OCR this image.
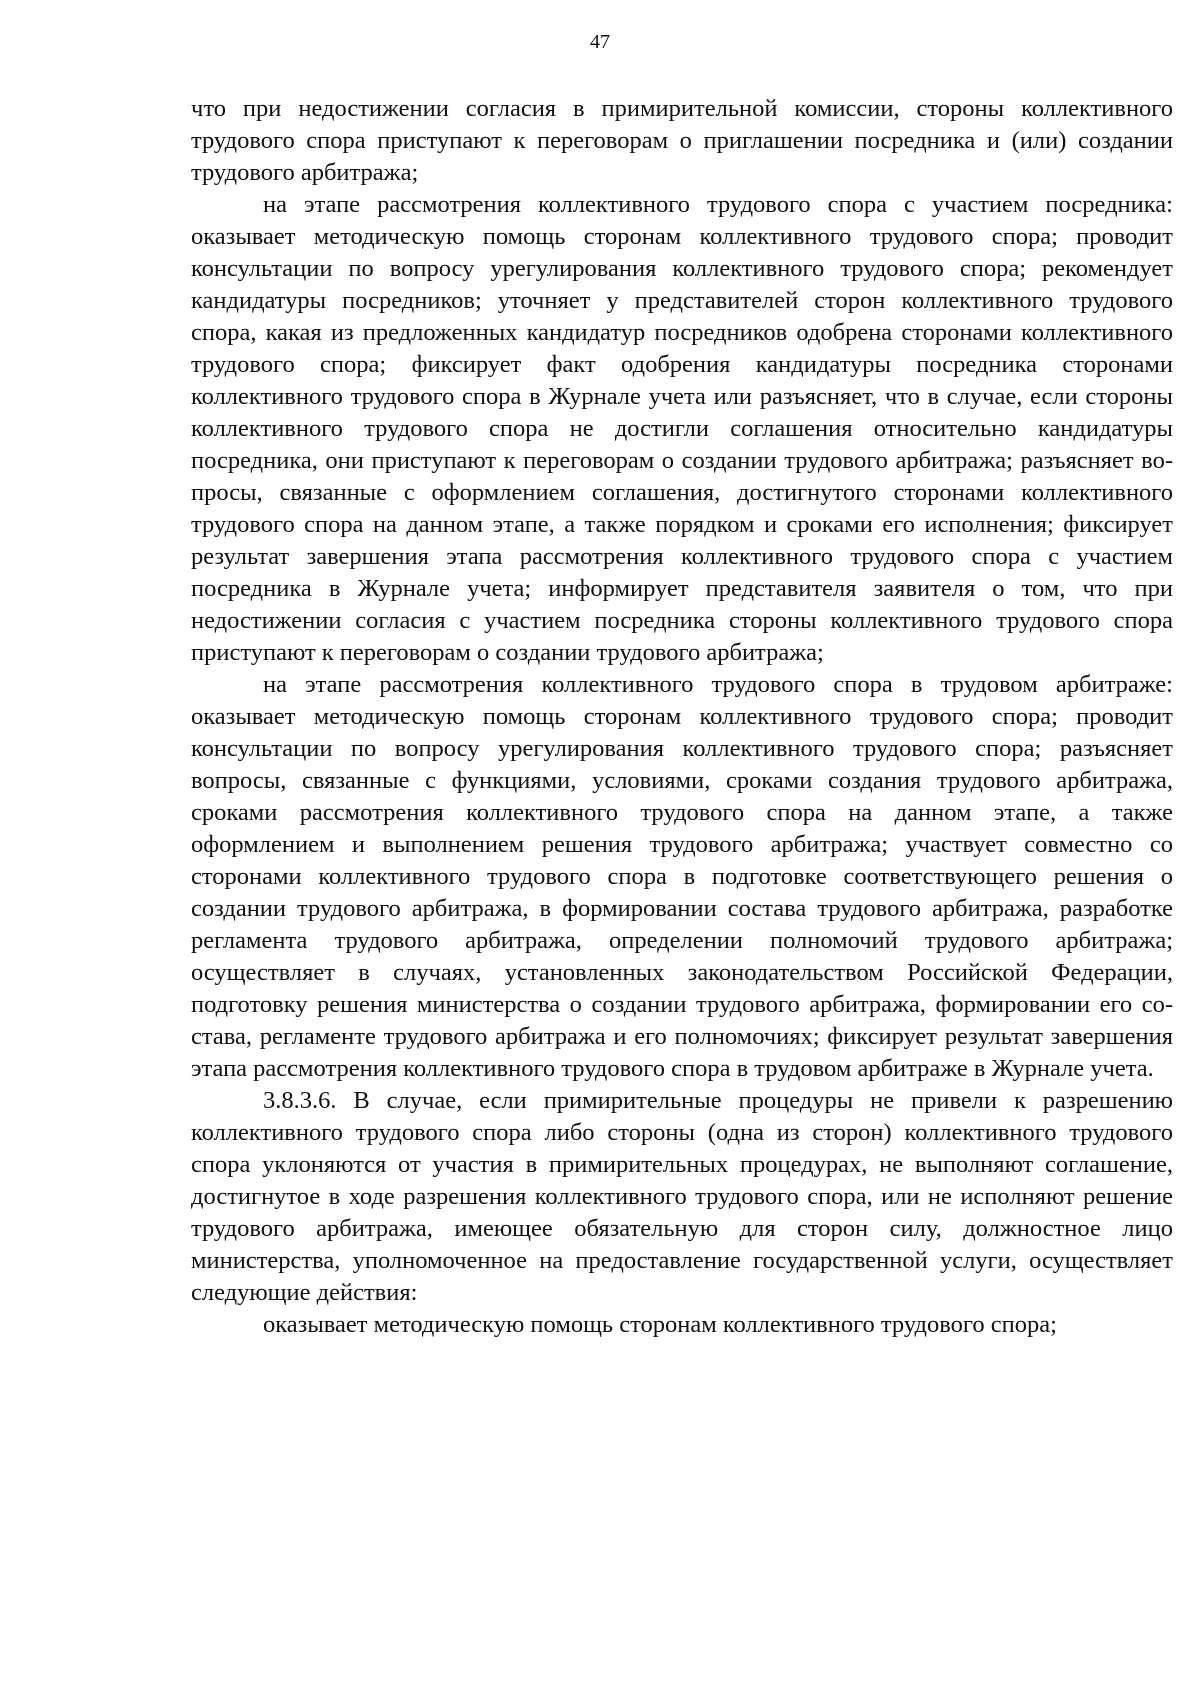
47

что при недостижении согласия в примирительной комиссии, стороны коллективного трудового спора приступают к переговорам о приглашении посредника и (или) создании трудового арбитража;

на этапе рассмотрения коллективного трудового спора с участием посредника: оказывает методическую помощь сторонам коллективного трудового спора; проводит консультации по вопросу урегулирования коллективного трудового спора; рекомендует кандидатуры посредников; уточняет у представителей сторон коллективного трудового спора, какая из предложенных кандидатур посредников одобрена сторонами коллективного трудового спора; фиксирует факт одобрения кандидатуры посредника сторонами коллективного трудового спора в Журнале учета или разъясняет, что в случае, если стороны коллективного трудового спора не достигли соглашения относительно кандидатуры посредника, они приступают к переговорам о создании трудового арбитража; разъясняет вопросы, связанные с оформлением соглашения, достигнутого сторонами коллективного трудового спора на данном этапе, а также порядком и сроками его исполнения; фиксирует результат завершения этапа рассмотрения коллективного трудового спора с участием посредника в Журнале учета; информирует представителя заявителя о том, что при недостижении согласия с участием посредника стороны коллективного трудового спора приступают к переговорам о создании трудового арбитража;

на этапе рассмотрения коллективного трудового спора в трудовом арбитраже: оказывает методическую помощь сторонам коллективного трудового спора; проводит консультации по вопросу урегулирования коллективного трудового спора; разъясняет вопросы, связанные с функциями, условиями, сроками создания трудового арбитража, сроками рассмотрения коллективного трудового спора на данном этапе, а также оформлением и выполнением решения трудового арбитража; участвует совместно со сторонами коллективного трудового спора в подготовке соответствующего решения о создании трудового арбитража, в формировании состава трудового арбитража, разработке регламента трудового арбитража, определении полномочий трудового арбитража; осуществляет в случаях, установленных законодательством Российской Федерации, подготовку решения министерства о создании трудового арбитража, формировании его состава, регламенте трудового арбитража и его полномочиях; фиксирует результат завершения этапа рассмотрения коллективного трудового спора в трудовом арбитраже в Журнале учета.

3.8.3.6. В случае, если примирительные процедуры не привели к разрешению коллективного трудового спора либо стороны (одна из сторон) коллективного трудового спора уклоняются от участия в примирительных процедурах, не выполняют соглашение, достигнутое в ходе разрешения коллективного трудового спора, или не исполняют решение трудового арбитража, имеющее обязательную для сторон силу, должностное лицо министерства, уполномоченное на предоставление государственной услуги, осуществляет следующие действия:

оказывает методическую помощь сторонам коллективного трудового спора;
